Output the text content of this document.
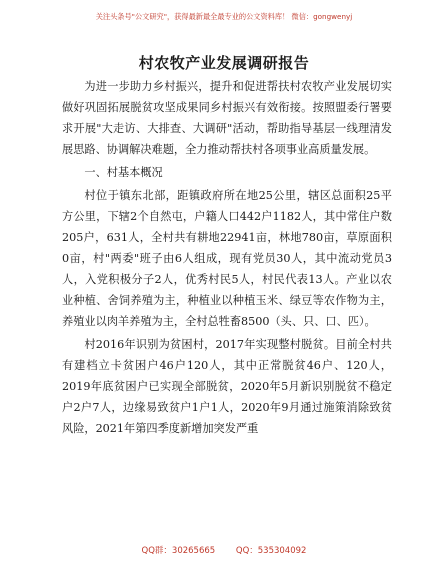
关注头条号"公文研究"，获得最新最全最专业的公文资料库！ 微信：gongwenyj
村农牧产业发展调研报告

为进一步助力乡村振兴，提升和促进帮扶村农牧产业发展切实做好巩固拓展脱贫攻坚成果同乡村振兴有效衔接。按照盟委行署要求开展"大走访、大排查、大调研"活动，帮助指导基层一线理清发展思路、协调解决难题，全力推动帮扶村各项事业高质量发展。

一、村基本概况

村位于镇东北部，距镇政府所在地25公里，辖区总面积25平方公里，下辖2个自然屯，户籍人口442户1182人，其中常住户数205户，631人，全村共有耕地22941亩，林地780亩，草原面积0亩，村"两委"班子由6人组成，现有党员30人，其中流动党员3人，入党积极分子2人，优秀村民5人，村民代表13人。产业以农业种植、舍饲养殖为主，种植业以种植玉米、绿豆等农作物为主，养殖业以肉羊养殖为主，全村总牲畜8500（头、只、口、匹）。

村2016年识别为贫困村，2017年实现整村脱贫。目前全村共有建档立卡贫困户46户120人，其中正常脱贫46户、120人，2019年底贫困户已实现全部脱贫，2020年5月新识别脱贫不稳定户2户7人，边缘易致贫户1户1人，2020年9月通过施策消除致贫风险，2021年第四季度新增加突发严重

QQ群：30265665 QQ：535304092
